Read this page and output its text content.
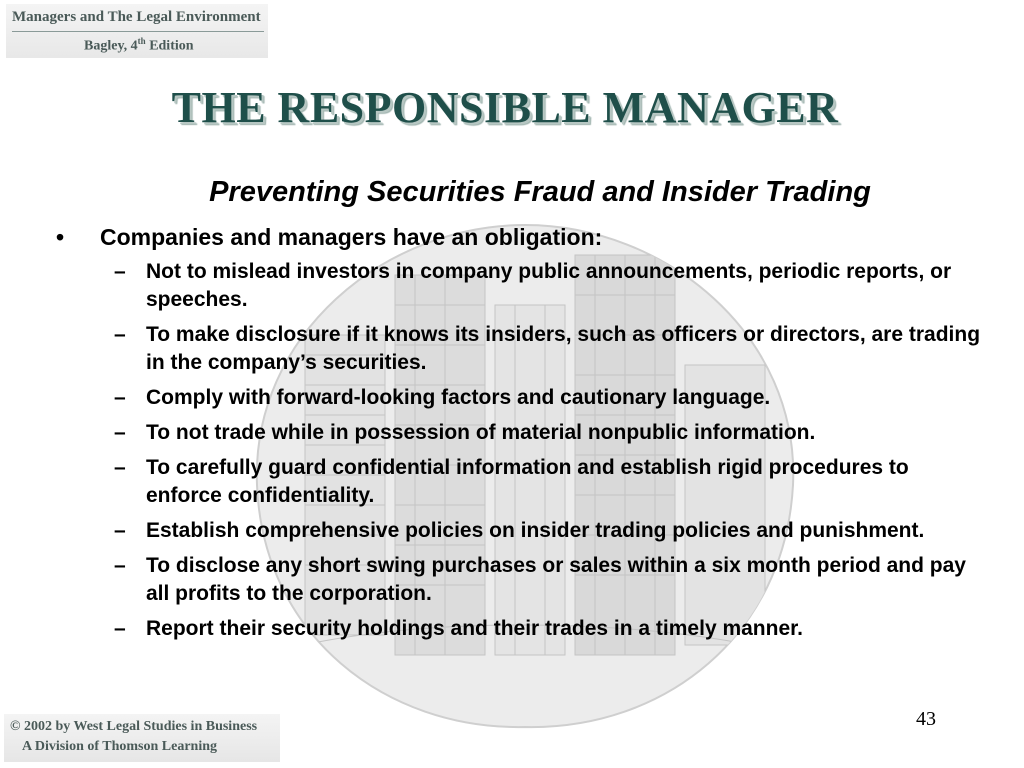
Managers and The Legal Environment
Bagley, 4th Edition
THE RESPONSIBLE MANAGER
Preventing Securities Fraud and Insider Trading
•	Companies and managers have an obligation:
– Not to mislead investors in company public announcements, periodic reports, or speeches.
– To make disclosure if it knows its insiders, such as officers or directors, are trading in the company’s securities.
– Comply with forward-looking factors and cautionary language.
– To not trade while in possession of material nonpublic information.
– To carefully guard confidential information and establish rigid procedures to enforce confidentiality.
– Establish comprehensive policies on insider trading policies and punishment.
– To disclose any short swing purchases or sales within a six month period and pay all profits to the corporation.
– Report their security holdings and their trades in a timely manner.
43
© 2002 by West Legal Studies in Business
A Division of Thomson Learning
